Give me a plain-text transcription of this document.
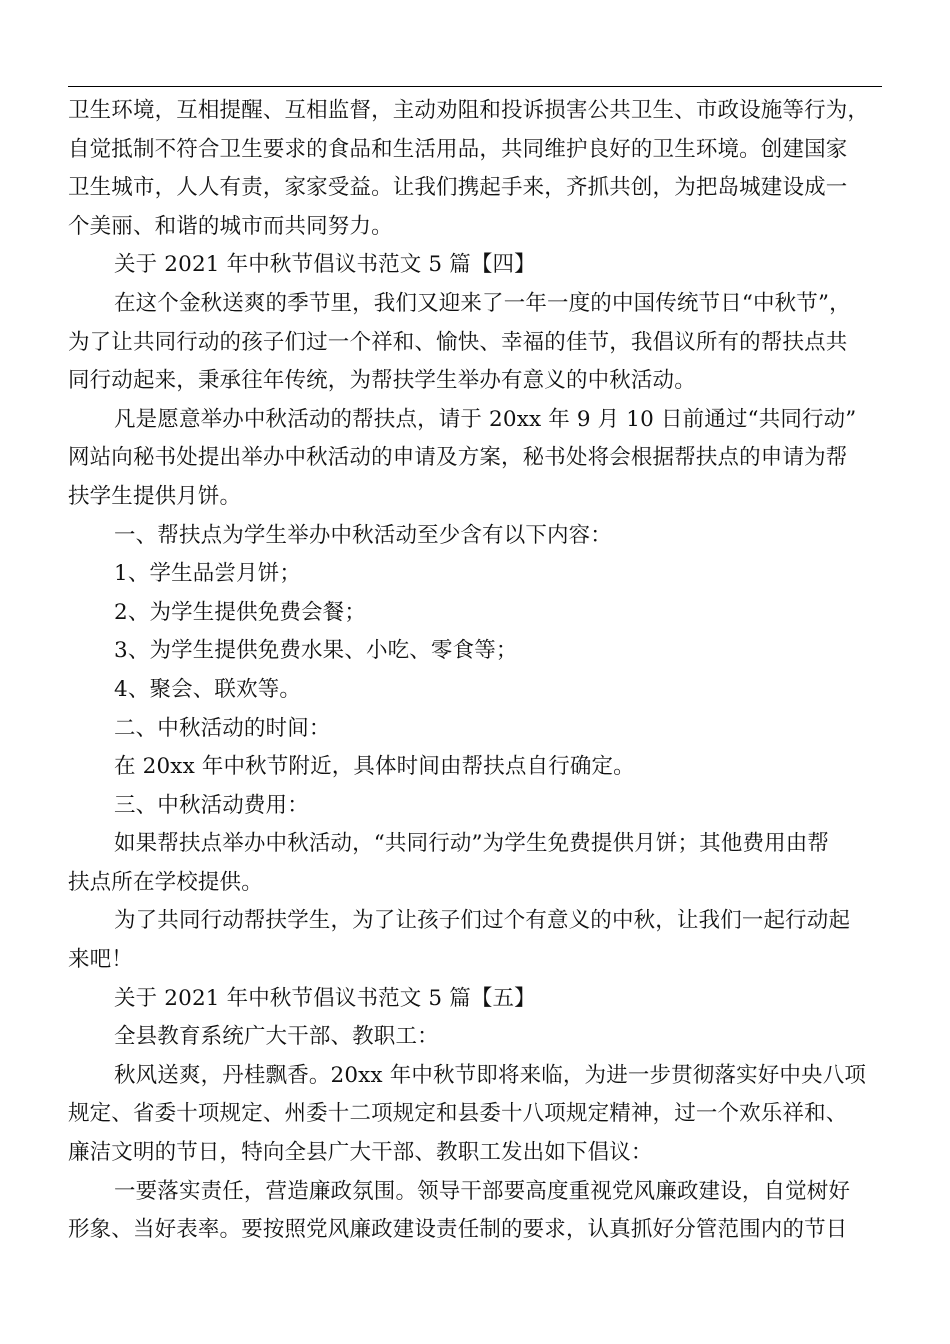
卫生环境，互相提醒、互相监督，主动劝阻和投诉损害公共卫生、市政设施等行为，
自觉抵制不符合卫生要求的食品和生活用品，共同维护良好的卫生环境。创建国家
卫生城市，人人有责，家家受益。让我们携起手来，齐抓共创，为把岛城建设成一
个美丽、和谐的城市而共同努力。
关于 2021 年中秋节倡议书范文 5 篇【四】
在这个金秋送爽的季节里，我们又迎来了一年一度的中国传统节日“中秋节”，
为了让共同行动的孩子们过一个祥和、愉快、幸福的佳节，我倡议所有的帮扶点共
同行动起来，秉承往年传统，为帮扶学生举办有意义的中秋活动。
凡是愿意举办中秋活动的帮扶点，请于 20xx 年 9 月 10 日前通过“共同行动”
网站向秘书处提出举办中秋活动的申请及方案，秘书处将会根据帮扶点的申请为帮
扶学生提供月饼。
一、帮扶点为学生举办中秋活动至少含有以下内容：
1、学生品尝月饼；
2、为学生提供免费会餐；
3、为学生提供免费水果、小吃、零食等；
4、聚会、联欢等。
二、中秋活动的时间：
在 20xx 年中秋节附近，具体时间由帮扶点自行确定。
三、中秋活动费用：
如果帮扶点举办中秋活动，“共同行动”为学生免费提供月饼；其他费用由帮
扶点所在学校提供。
为了共同行动帮扶学生，为了让孩子们过个有意义的中秋，让我们一起行动起
来吧！
关于 2021 年中秋节倡议书范文 5 篇【五】
全县教育系统广大干部、教职工：
秋风送爽，丹桂飘香。20xx 年中秋节即将来临，为进一步贯彻落实好中央八项
规定、省委十项规定、州委十二项规定和县委十八项规定精神，过一个欢乐祥和、
廉洁文明的节日，特向全县广大干部、教职工发出如下倡议：
一要落实责任，营造廉政氛围。领导干部要高度重视党风廉政建设，自觉树好
形象、当好表率。要按照党风廉政建设责任制的要求，认真抓好分管范围内的节日
